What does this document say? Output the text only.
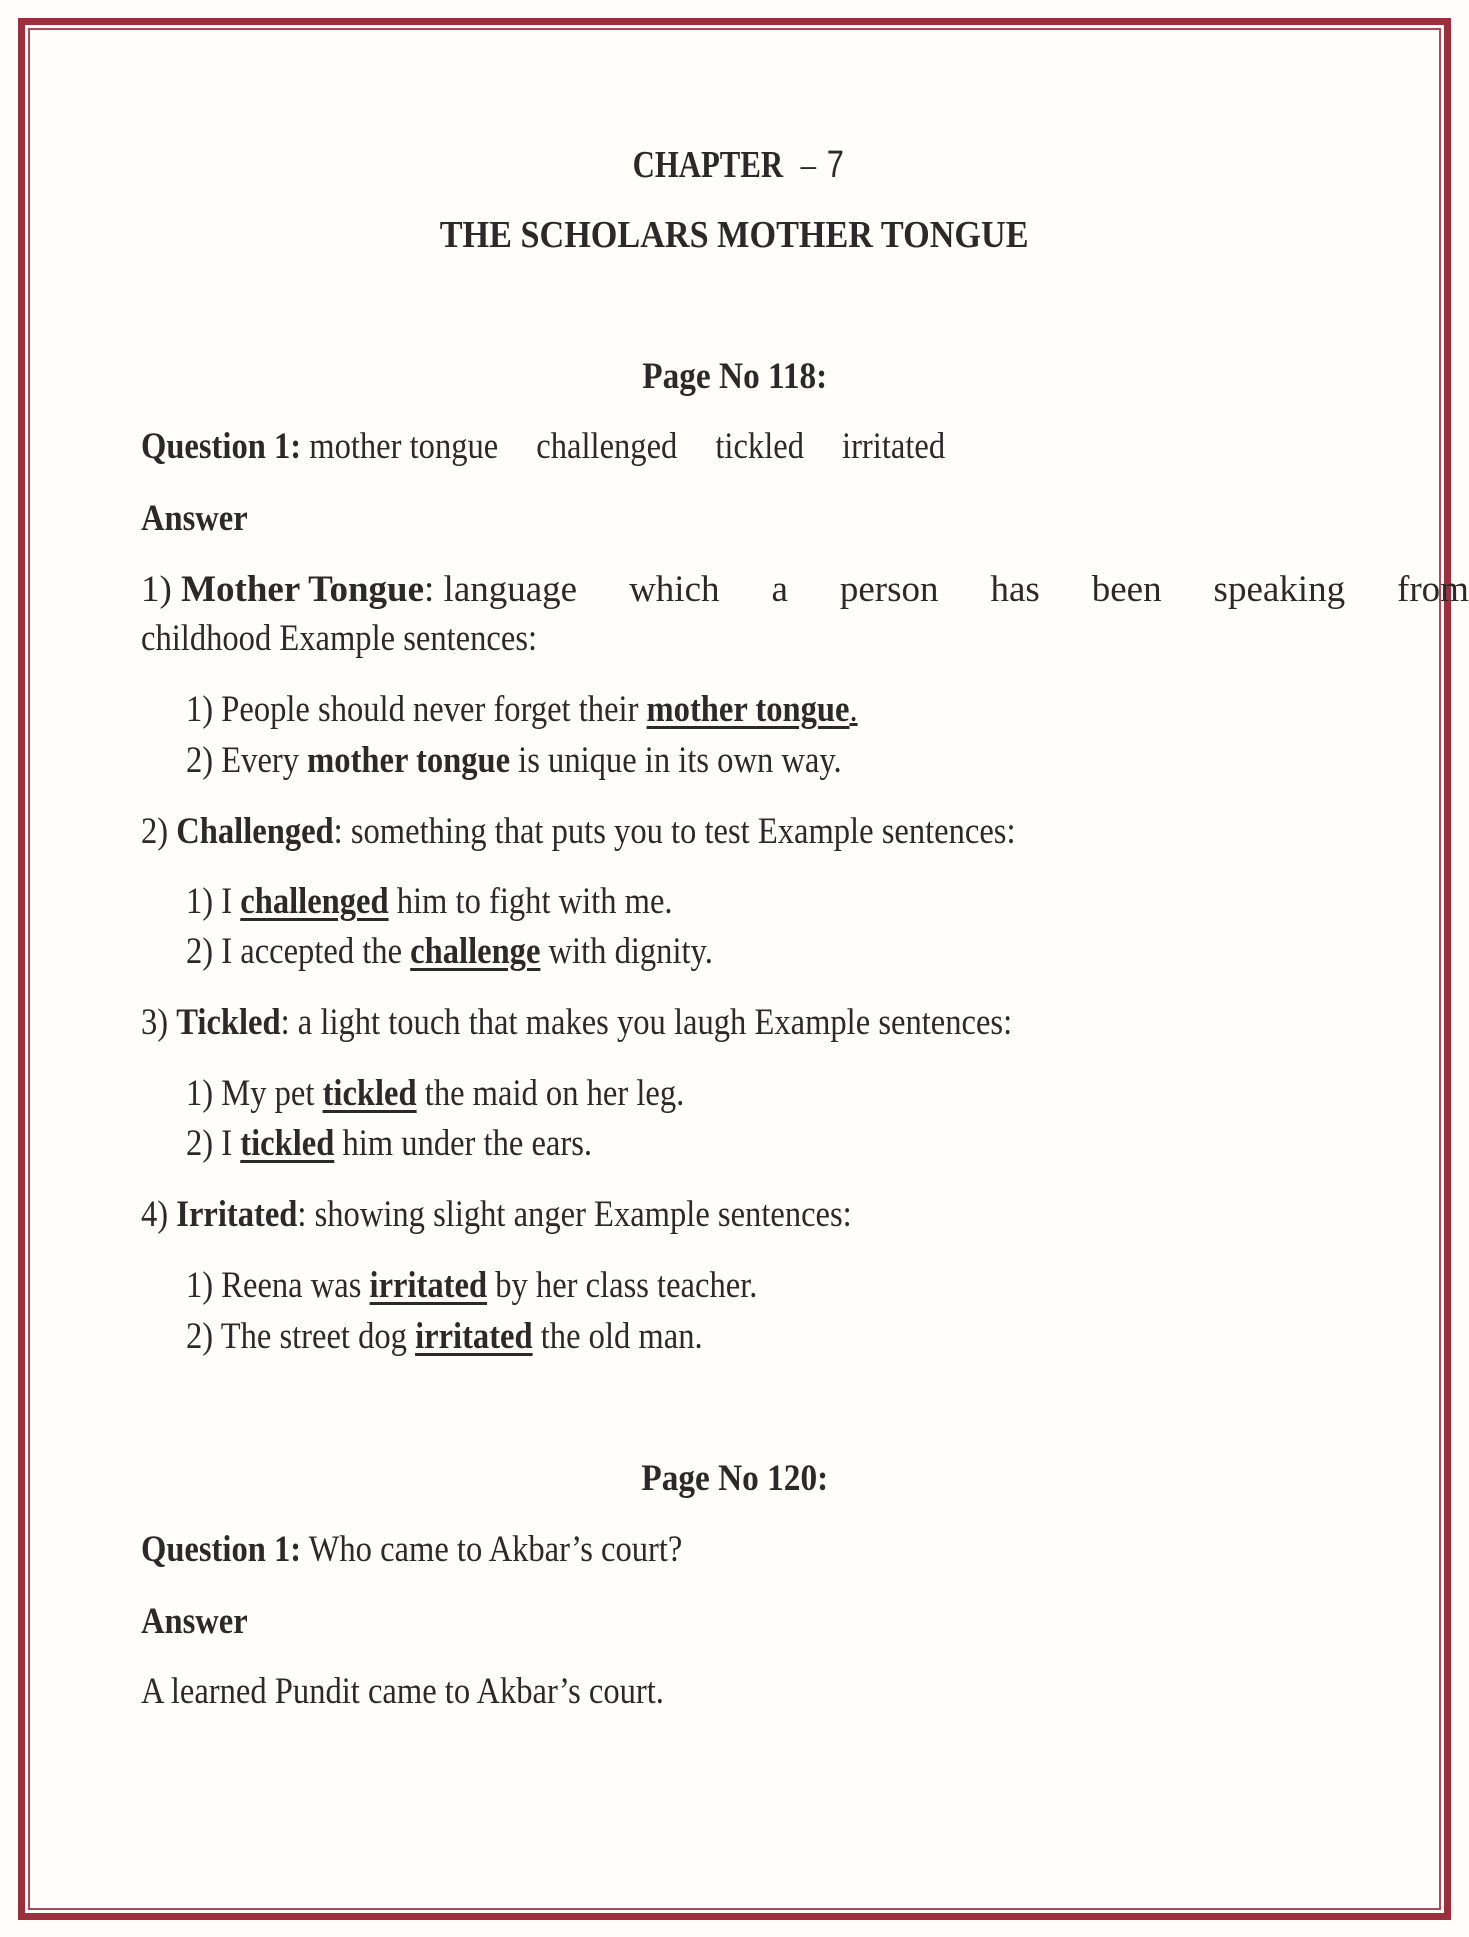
CHAPTER – 7
THE SCHOLARS MOTHER TONGUE
Page No 118:
Question 1: mother tongue challenged tickled irritated
Answer
1) Mother Tongue: language which a person has been speaking from
childhood Example sentences:
1) People should never forget their mother tongue.
2) Every mother tongue is unique in its own way.
2) Challenged: something that puts you to test Example sentences:
1) I challenged him to fight with me.
2) I accepted the challenge with dignity.
3) Tickled: a light touch that makes you laugh Example sentences:
1) My pet tickled the maid on her leg.
2) I tickled him under the ears.
4) Irritated: showing slight anger Example sentences:
1) Reena was irritated by her class teacher.
2) The street dog irritated the old man.
Page No 120:
Question 1: Who came to Akbar’s court?
Answer
A learned Pundit came to Akbar’s court.
